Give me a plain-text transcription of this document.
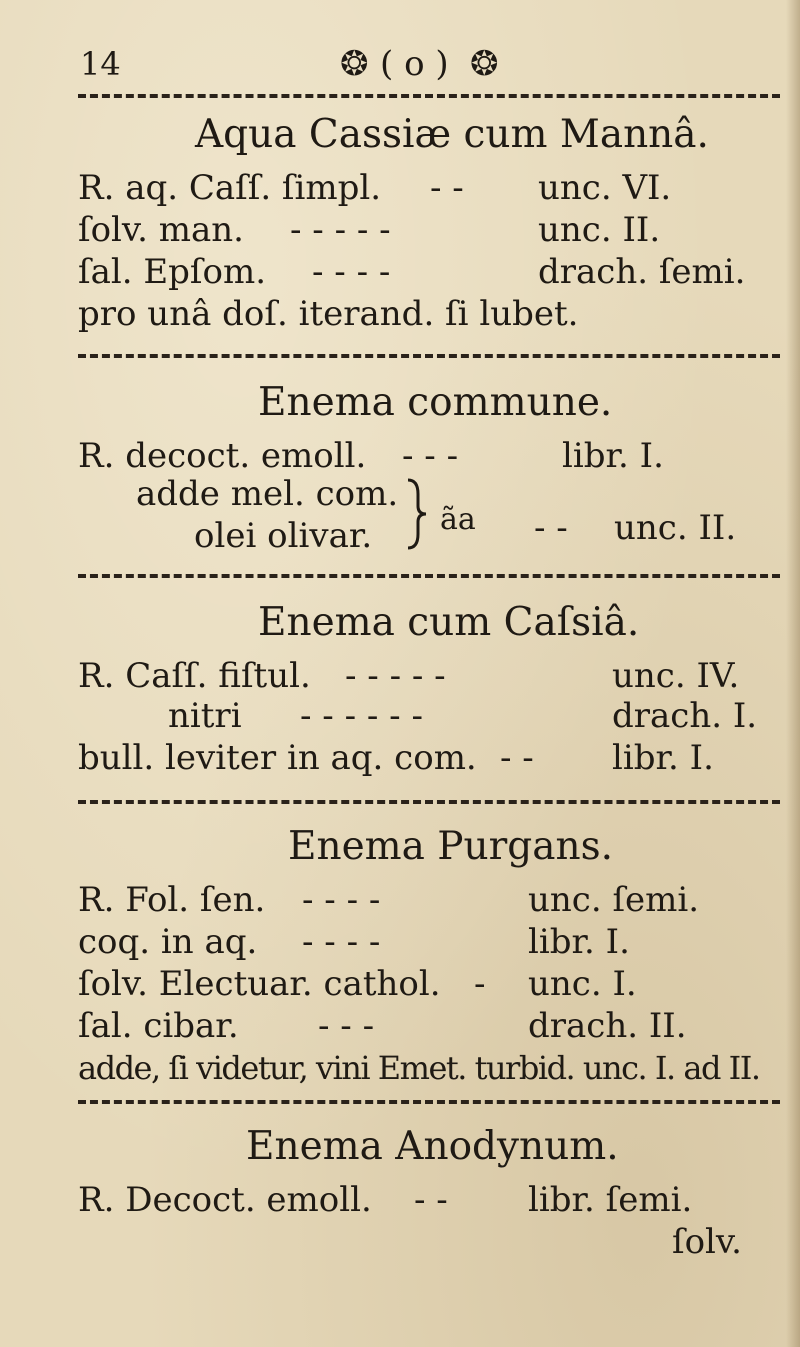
14	❂ ( o ) ❂
Aqua Cassiæ cum Mannâ.
R. aq. Caſſ. ſimpl. - - unc. VI.
ſolv. man. - - - - -	unc. II.
ſal. Epſom. - - - -	drach. ſemi.
pro unâ doſ. iterand. ſi lubet.
Enema commune.
R. decoct. emoll. - - -	libr. I.
adde mel. com.
olei olivar. ãa - - unc. II.
Enema cum Caſsiâ.
R. Caſſ. fiſtul. - - - - -	unc. IV.
nitri - - - - - -	drach. I.
bull. leviter in aq. com. - - libr. I.
Enema Purgans.
R. Fol. ſen. - - - -	unc. ſemi.
coq. in aq. - - - -	libr. I.
ſolv. Electuar. cathol. - unc. I.
ſal. cibar. - - -	drach. II.
adde, ſi videtur, vini Emet. turbid. unc. I. ad II.
Enema Anodynum.
R. Decoct. emoll. - - libr. ſemi.
ſolv.
